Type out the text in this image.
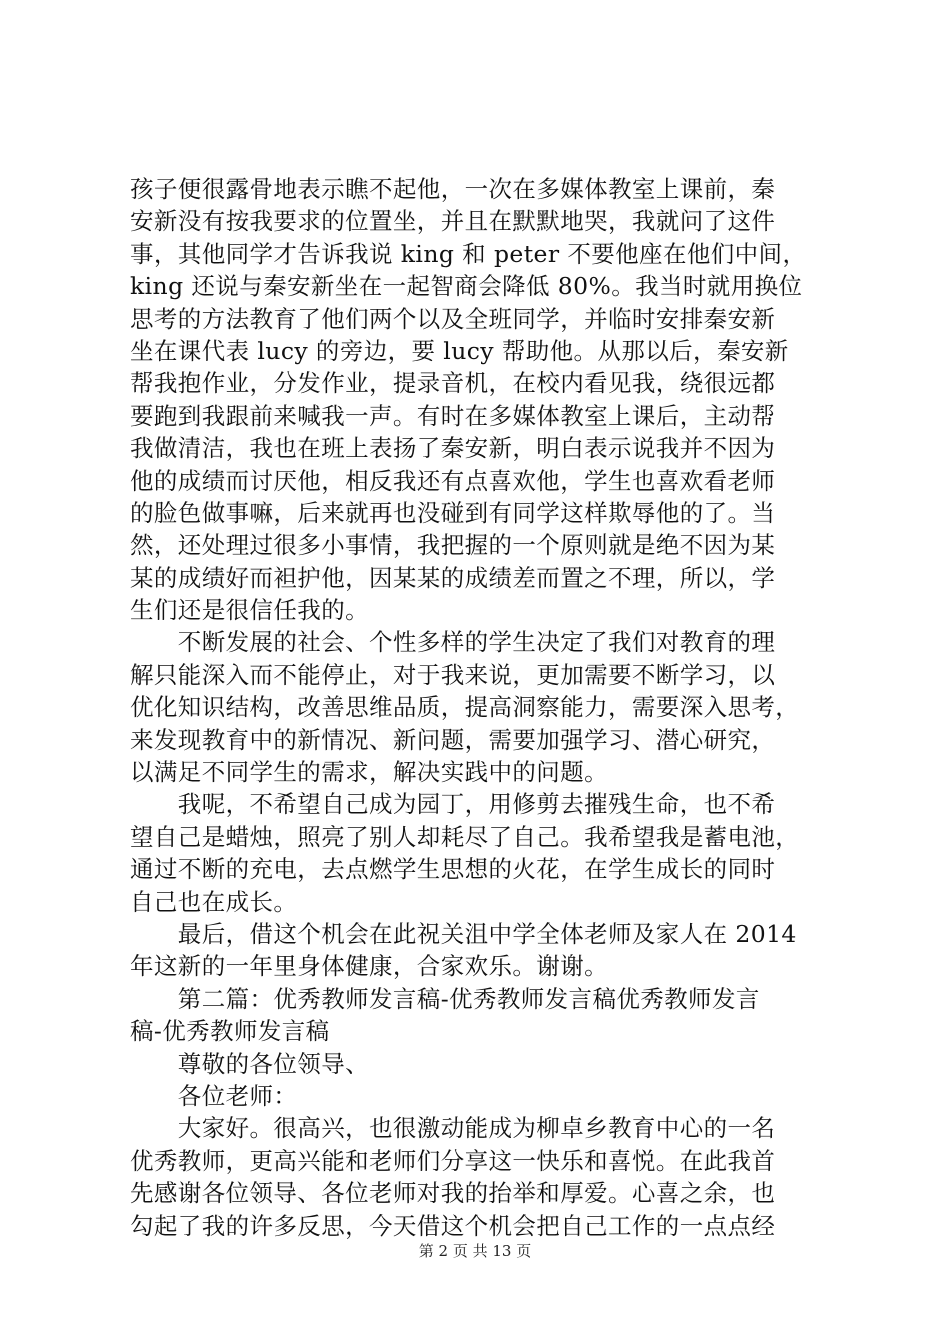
孩子便很露骨地表示瞧不起他，一次在多媒体教室上课前，秦
安新没有按我要求的位置坐，并且在默默地哭，我就问了这件
事，其他同学才告诉我说 king 和 peter 不要他座在他们中间，
king 还说与秦安新坐在一起智商会降低 80%。我当时就用换位
思考的方法教育了他们两个以及全班同学，并临时安排秦安新
坐在课代表 lucy 的旁边，要 lucy 帮助他。从那以后，秦安新
帮我抱作业，分发作业，提录音机，在校内看见我，绕很远都
要跑到我跟前来喊我一声。有时在多媒体教室上课后，主动帮
我做清洁，我也在班上表扬了秦安新，明白表示说我并不因为
他的成绩而讨厌他，相反我还有点喜欢他，学生也喜欢看老师
的脸色做事嘛，后来就再也没碰到有同学这样欺辱他的了。当
然，还处理过很多小事情，我把握的一个原则就是绝不因为某
某的成绩好而袒护他，因某某的成绩差而置之不理，所以，学
生们还是很信任我的。
　　不断发展的社会、个性多样的学生决定了我们对教育的理
解只能深入而不能停止，对于我来说，更加需要不断学习，以
优化知识结构，改善思维品质，提高洞察能力，需要深入思考，
来发现教育中的新情况、新问题，需要加强学习、潜心研究，
以满足不同学生的需求，解决实践中的问题。
　　我呢，不希望自己成为园丁，用修剪去摧残生命，也不希
望自己是蜡烛，照亮了别人却耗尽了自己。我希望我是蓄电池，
通过不断的充电，去点燃学生思想的火花，在学生成长的同时
自己也在成长。
　　最后，借这个机会在此祝关沮中学全体老师及家人在 2014
年这新的一年里身体健康，合家欢乐。谢谢。
　　第二篇：优秀教师发言稿-优秀教师发言稿优秀教师发言
稿-优秀教师发言稿
　　尊敬的各位领导、
　　各位老师：
　　大家好。很高兴，也很激动能成为柳卓乡教育中心的一名
优秀教师，更高兴能和老师们分享这一快乐和喜悦。在此我首
先感谢各位领导、各位老师对我的抬举和厚爱。心喜之余，也
勾起了我的许多反思，今天借这个机会把自己工作的一点点经
第 2 页 共 13 页
